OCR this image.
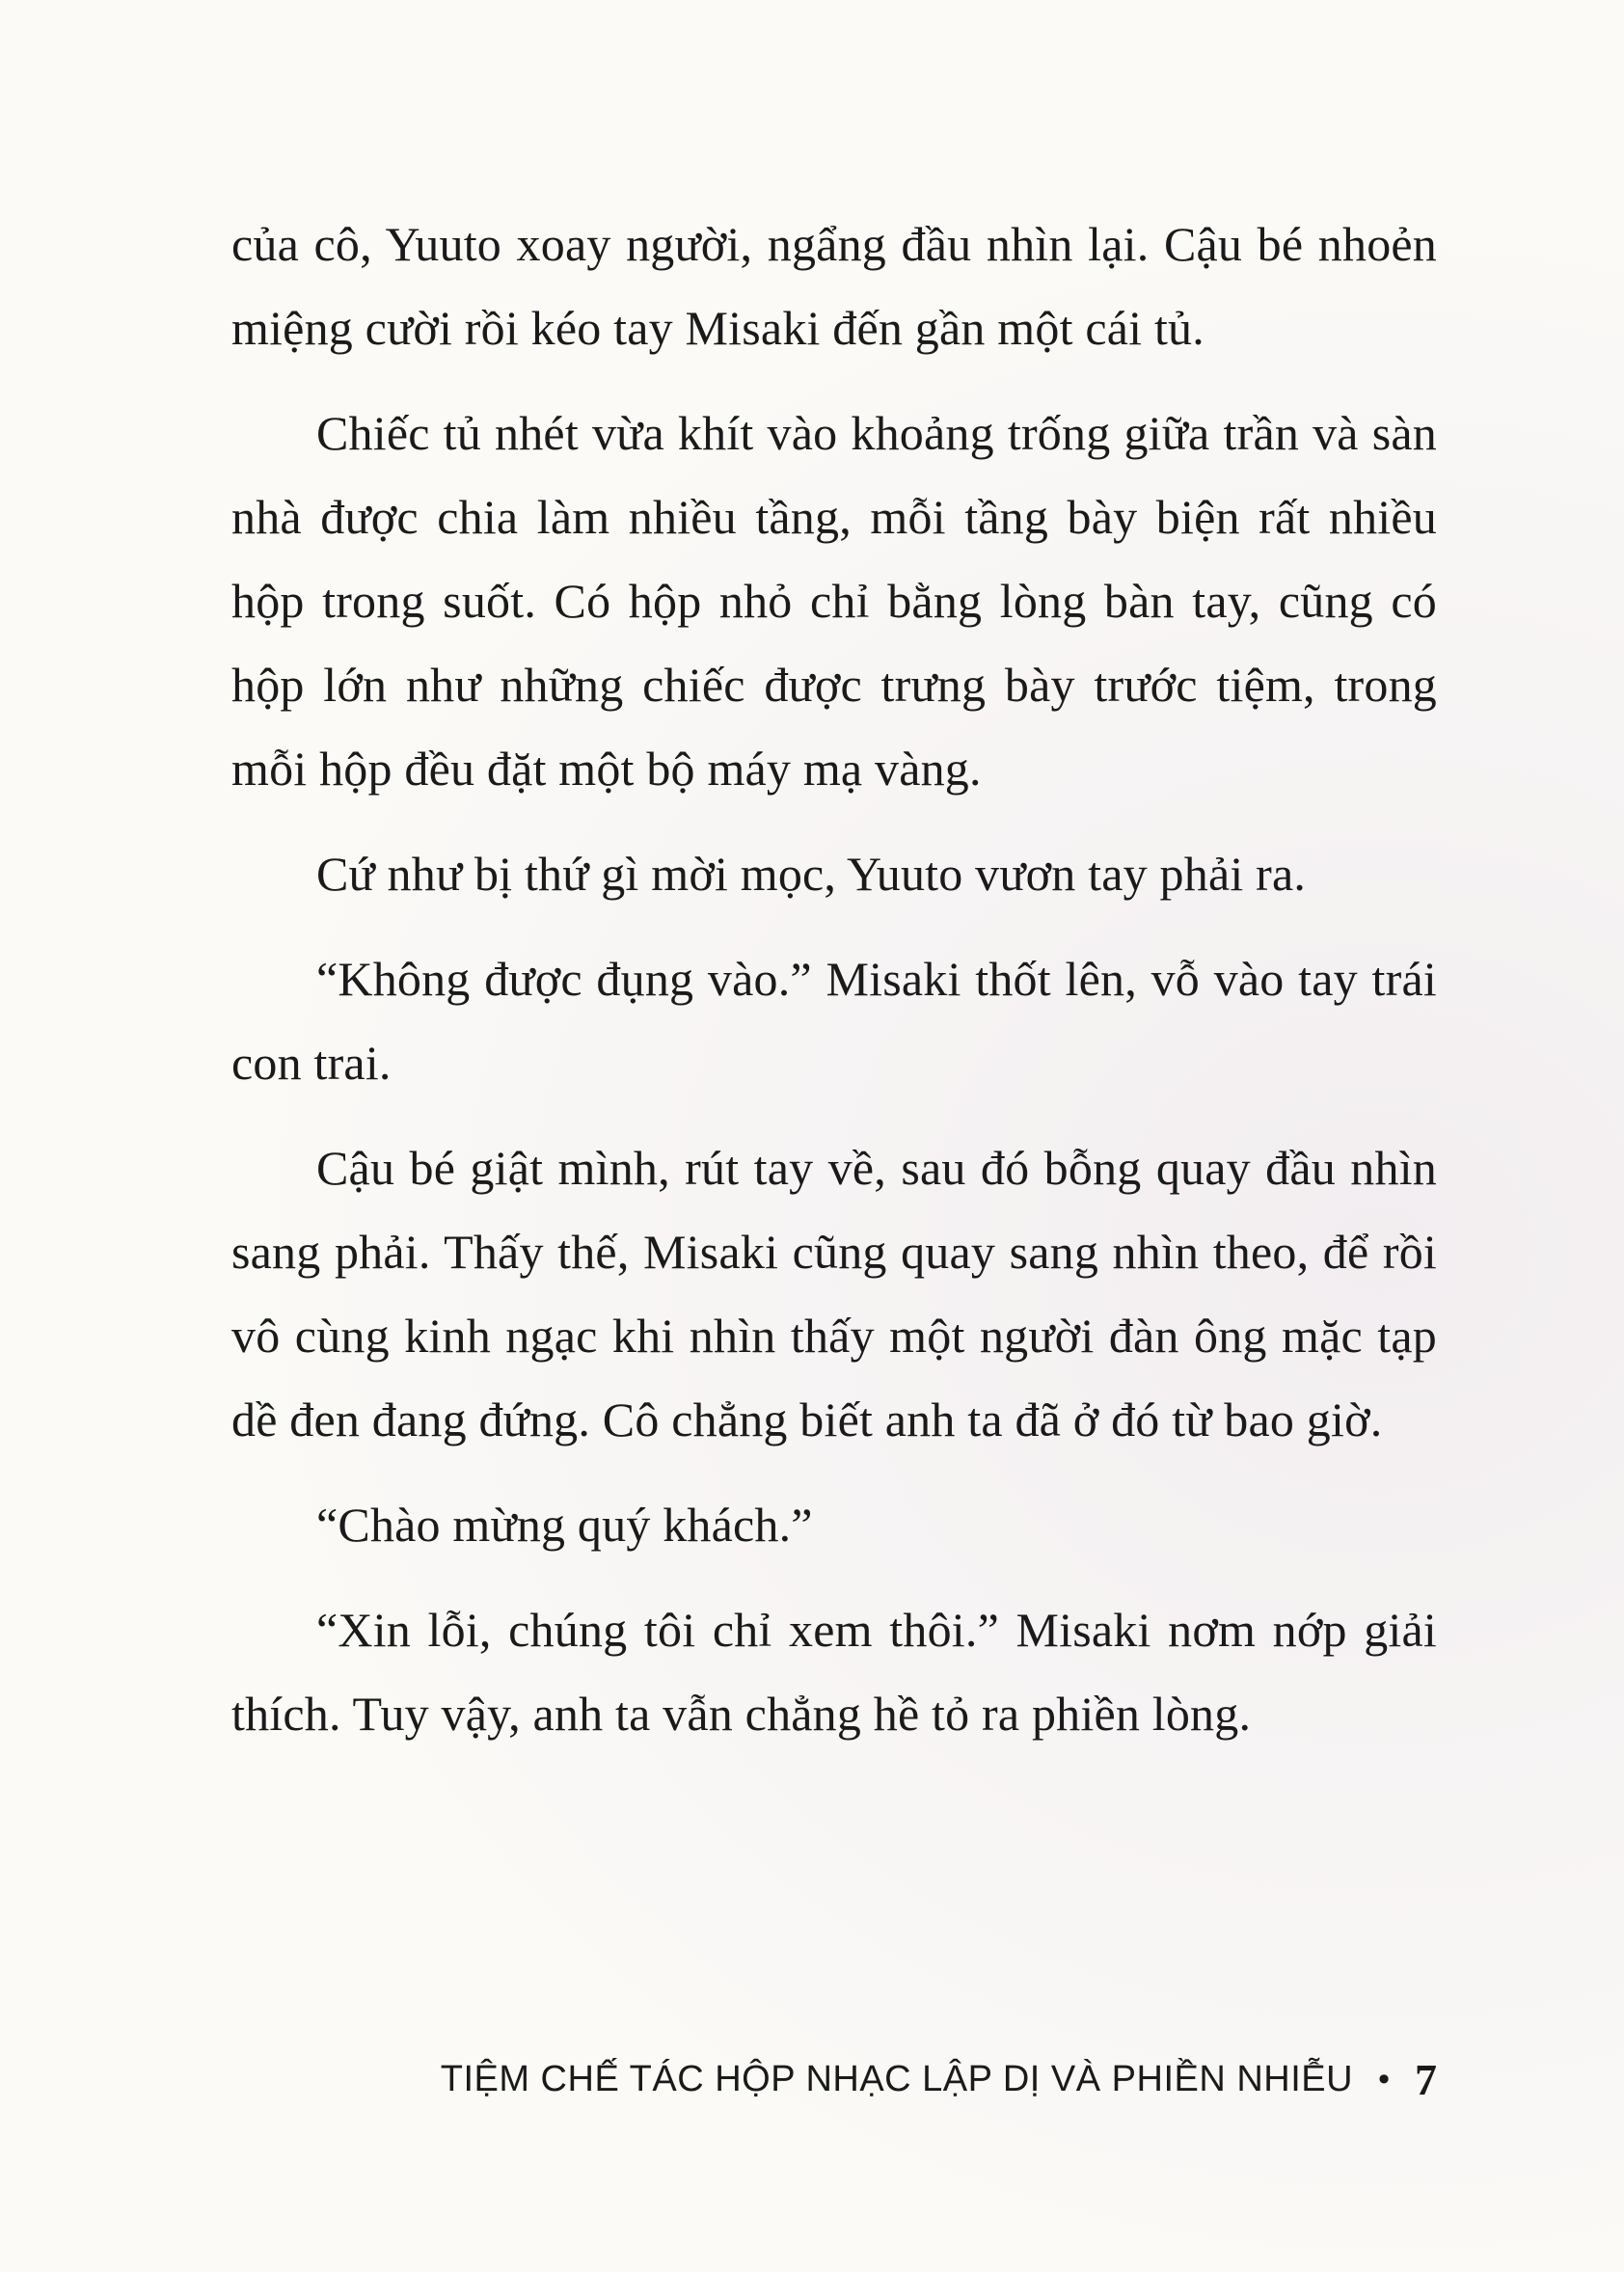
của cô, Yuuto xoay người, ngẩng đầu nhìn lại. Cậu bé nhoẻn miệng cười rồi kéo tay Misaki đến gần một cái tủ.

Chiếc tủ nhét vừa khít vào khoảng trống giữa trần và sàn nhà được chia làm nhiều tầng, mỗi tầng bày biện rất nhiều hộp trong suốt. Có hộp nhỏ chỉ bằng lòng bàn tay, cũng có hộp lớn như những chiếc được trưng bày trước tiệm, trong mỗi hộp đều đặt một bộ máy mạ vàng.

Cứ như bị thứ gì mời mọc, Yuuto vươn tay phải ra.

“Không được đụng vào.” Misaki thốt lên, vỗ vào tay trái con trai.

Cậu bé giật mình, rút tay về, sau đó bỗng quay đầu nhìn sang phải. Thấy thế, Misaki cũng quay sang nhìn theo, để rồi vô cùng kinh ngạc khi nhìn thấy một người đàn ông mặc tạp dề đen đang đứng. Cô chẳng biết anh ta đã ở đó từ bao giờ.

“Chào mừng quý khách.”

“Xin lỗi, chúng tôi chỉ xem thôi.” Misaki nơm nớp giải thích. Tuy vậy, anh ta vẫn chẳng hề tỏ ra phiền lòng.

TIỆM CHẾ TÁC HỘP NHẠC LẬP DỊ VÀ PHIỀN NHIỄU • 7
